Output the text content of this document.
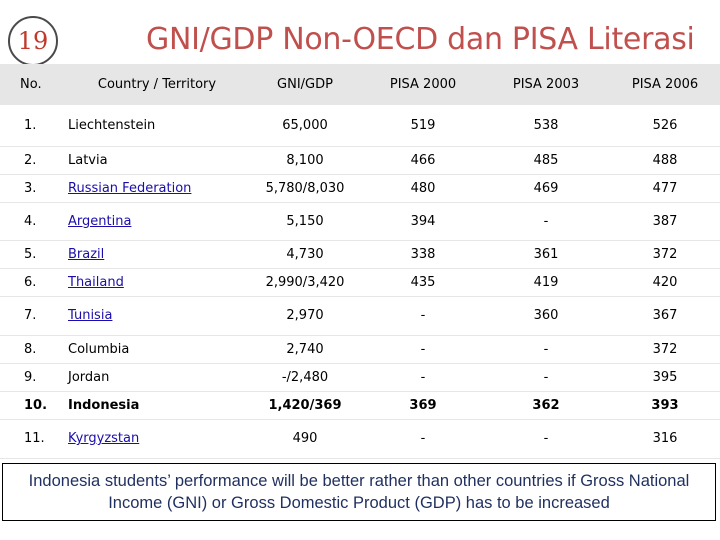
19	GNI/GDP Non-OECD dan PISA Literasi
No.	Country / Territory	GNI/GDP	PISA 2000	PISA 2003	PISA 2006
1.	Liechtenstein	65,000	519	538	526
2.	Latvia	8,100	466	485	488
3.	Russian Federation	5,780/8,030	480	469	477
4.	Argentina	5,150	394	-	387
5.	Brazil	4,730	338	361	372
6.	Thailand	2,990/3,420	435	419	420
7.	Tunisia	2,970	-	360	367
8.	Columbia	2,740	-	-	372
9.	Jordan	-/2,480	-	-	395
10.	Indonesia	1,420/369	369	362	393
11.	Kyrgyzstan	490	-	-	316
Indonesia students’ performance will be better rather than other countries if Gross National Income (GNI) or Gross Domestic Product (GDP) has to be increased
